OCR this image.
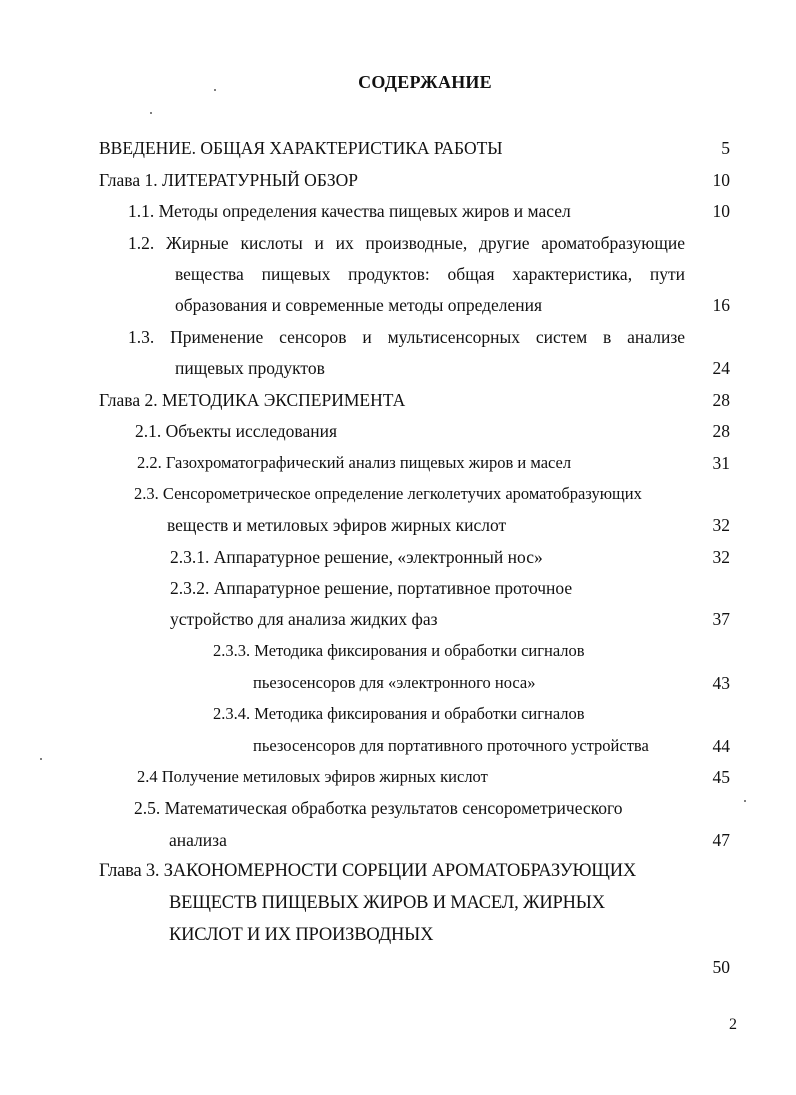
СОДЕРЖАНИЕ
ВВЕДЕНИЕ. ОБЩАЯ ХАРАКТЕРИСТИКА РАБОТЫ	5
Глава 1. ЛИТЕРАТУРНЫЙ ОБЗОР	10
1.1. Методы определения качества пищевых жиров и масел	10
1.2. Жирные кислоты и их производные, другие ароматобразующие
вещества пищевых продуктов: общая характеристика, пути
образования и современные методы определения	16
1.3. Применение сенсоров и мультисенсорных систем в анализе
пищевых продуктов	24
Глава 2. МЕТОДИКА ЭКСПЕРИМЕНТА	28
2.1. Объекты исследования	28
2.2. Газохроматографический анализ пищевых жиров и масел	31
2.3. Сенсорометрическое определение легколетучих ароматобразующих
веществ и метиловых эфиров жирных кислот	32
2.3.1. Аппаратурное решение, «электронный нос»	32
2.3.2. Аппаратурное решение, портативное проточное
устройство для анализа жидких фаз	37
2.3.3. Методика фиксирования и обработки сигналов
пьезосенсоров для «электронного носа»	43
2.3.4. Методика фиксирования и обработки сигналов
пьезосенсоров для портативного проточного устройства	44
2.4 Получение метиловых эфиров жирных кислот	45
2.5. Математическая обработка результатов сенсорометрического
анализа	47
Глава 3. ЗАКОНОМЕРНОСТИ СОРБЦИИ АРОМАТОБРАЗУЮЩИХ
ВЕЩЕСТВ ПИЩЕВЫХ ЖИРОВ И МАСЕЛ, ЖИРНЫХ
КИСЛОТ И ИХ ПРОИЗВОДНЫХ
50
2
